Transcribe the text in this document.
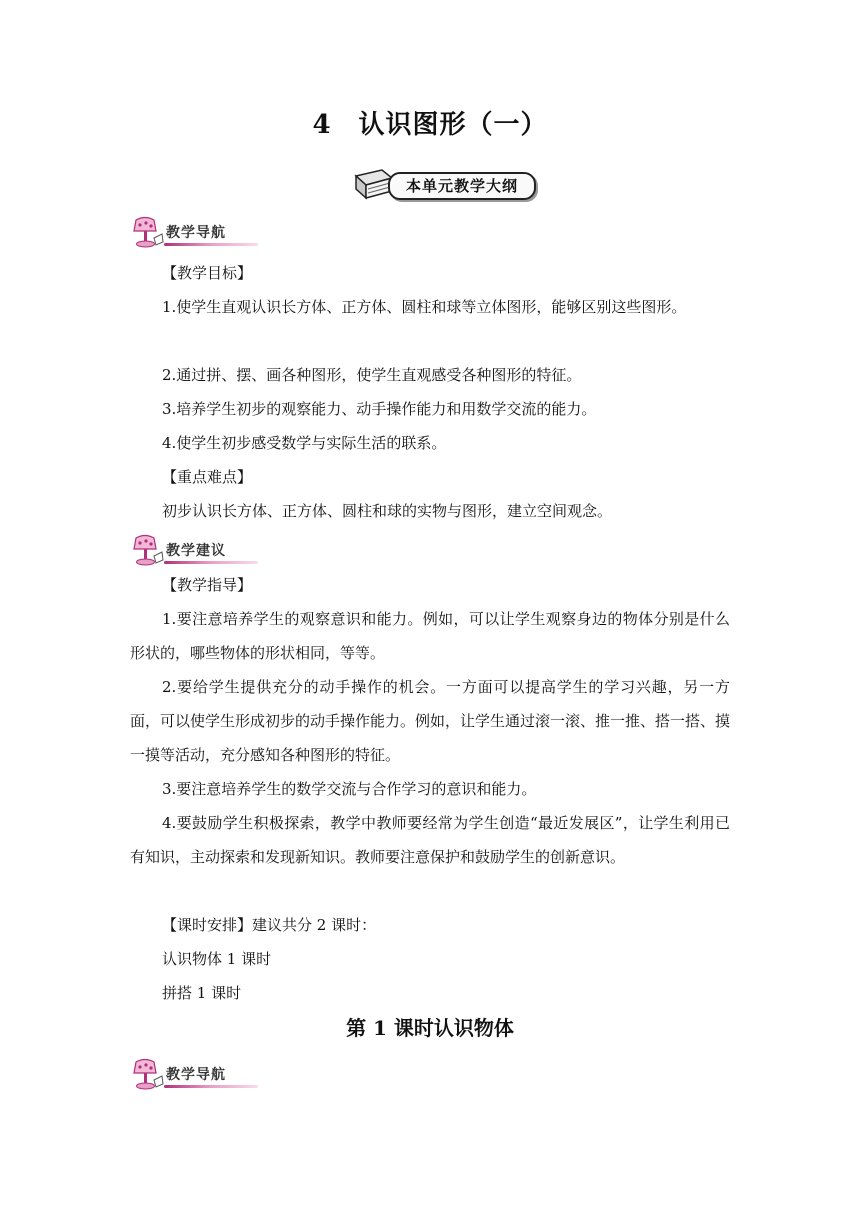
4　认识图形（一）
本单元教学大纲
教学导航

【教学目标】

1.使学生直观认识长方体、正方体、圆柱和球等立体图形，能够区别这些图形。

2.通过拼、摆、画各种图形，使学生直观感受各种图形的特征。

3.培养学生初步的观察能力、动手操作能力和用数学交流的能力。

4.使学生初步感受数学与实际生活的联系。

【重点难点】

初步认识长方体、正方体、圆柱和球的实物与图形，建立空间观念。

教学建议

【教学指导】

1.要注意培养学生的观察意识和能力。例如，可以让学生观察身边的物体分别是什么形状的，哪些物体的形状相同，等等。

2.要给学生提供充分的动手操作的机会。一方面可以提高学生的学习兴趣，另一方面，可以使学生形成初步的动手操作能力。例如，让学生通过滚一滚、推一推、搭一搭、摸一摸等活动，充分感知各种图形的特征。

3.要注意培养学生的数学交流与合作学习的意识和能力。

4.要鼓励学生积极探索，教学中教师要经常为学生创造“最近发展区”，让学生利用已有知识，主动探索和发现新知识。教师要注意保护和鼓励学生的创新意识。

【课时安排】建议共分 2 课时：

认识物体 1 课时

拼搭 1 课时

第 1 课时认识物体
教学导航
